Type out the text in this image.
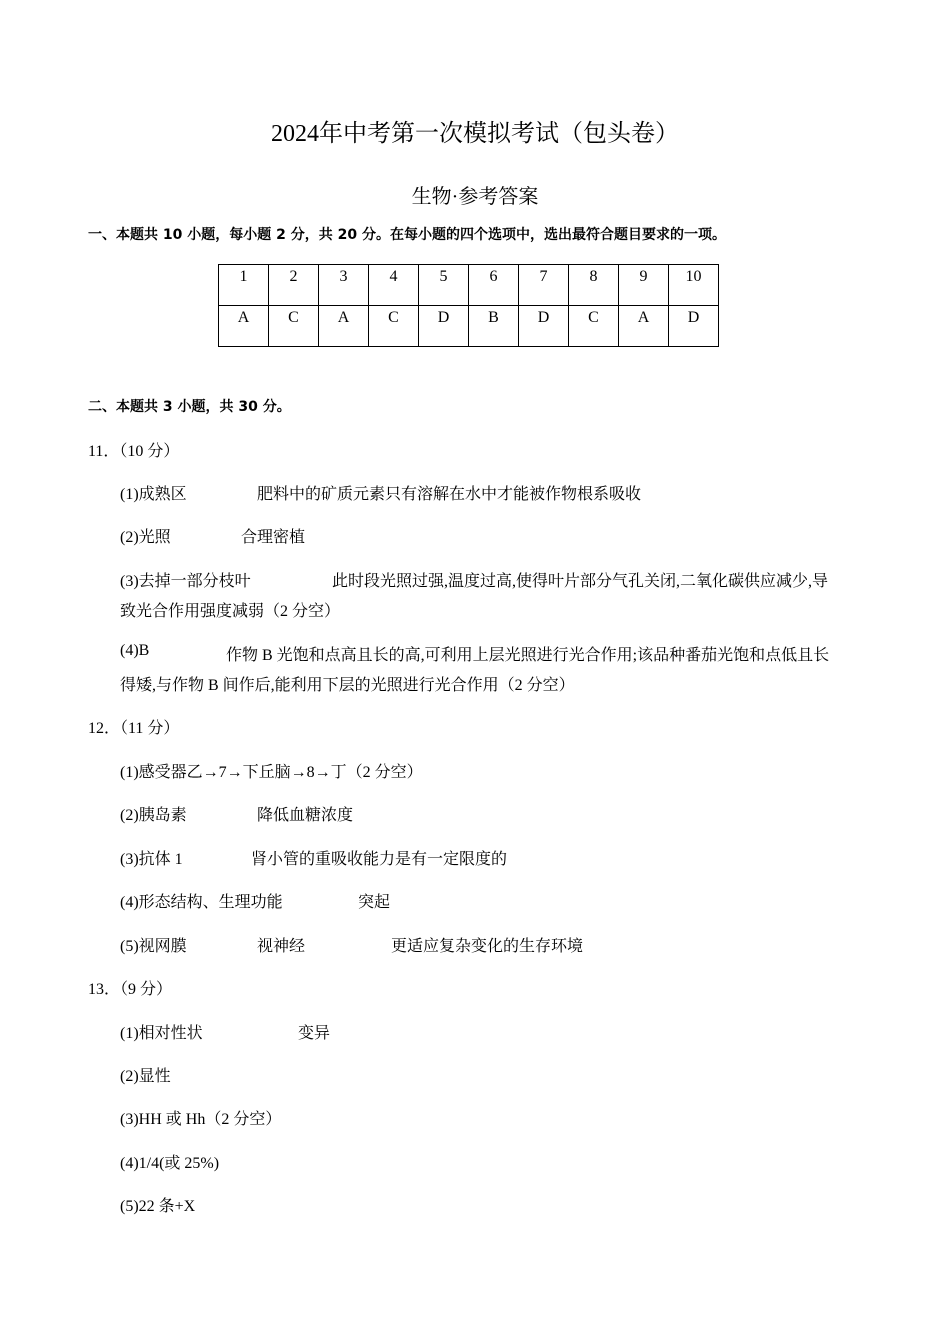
2024年中考第一次模拟考试（包头卷）
生物·参考答案
一、本题共 10 小题，每小题 2 分，共 20 分。在每小题的四个选项中，选出最符合题目要求的一项。
1	2	3	4	5	6	7	8	9	10
A	C	A	C	D	B	D	C	A	D
二、本题共 3 小题，共 30 分。
11．（10 分）
(1)成熟区	肥料中的矿质元素只有溶解在水中才能被作物根系吸收
(2)光照	合理密植
(3)去掉一部分枝叶	此时段光照过强,温度过高,使得叶片部分气孔关闭,二氧化碳供应减少,导
致光合作用强度减弱（2 分空）
(4)B	作物 B 光饱和点高且长的高,可利用上层光照进行光合作用;该品种番茄光饱和点低且长
得矮,与作物 B 间作后,能利用下层的光照进行光合作用（2 分空）
12．（11 分）
(1)感受器乙→7→下丘脑→8→丁（2 分空）
(2)胰岛素	降低血糖浓度
(3)抗体 1	肾小管的重吸收能力是有一定限度的
(4)形态结构、生理功能	突起
(5)视网膜	视神经	更适应复杂变化的生存环境
13．（9 分）
(1)相对性状	变异
(2)显性
(3)HH 或 Hh（2 分空）
(4)1/4(或 25%)
(5)22 条+X
